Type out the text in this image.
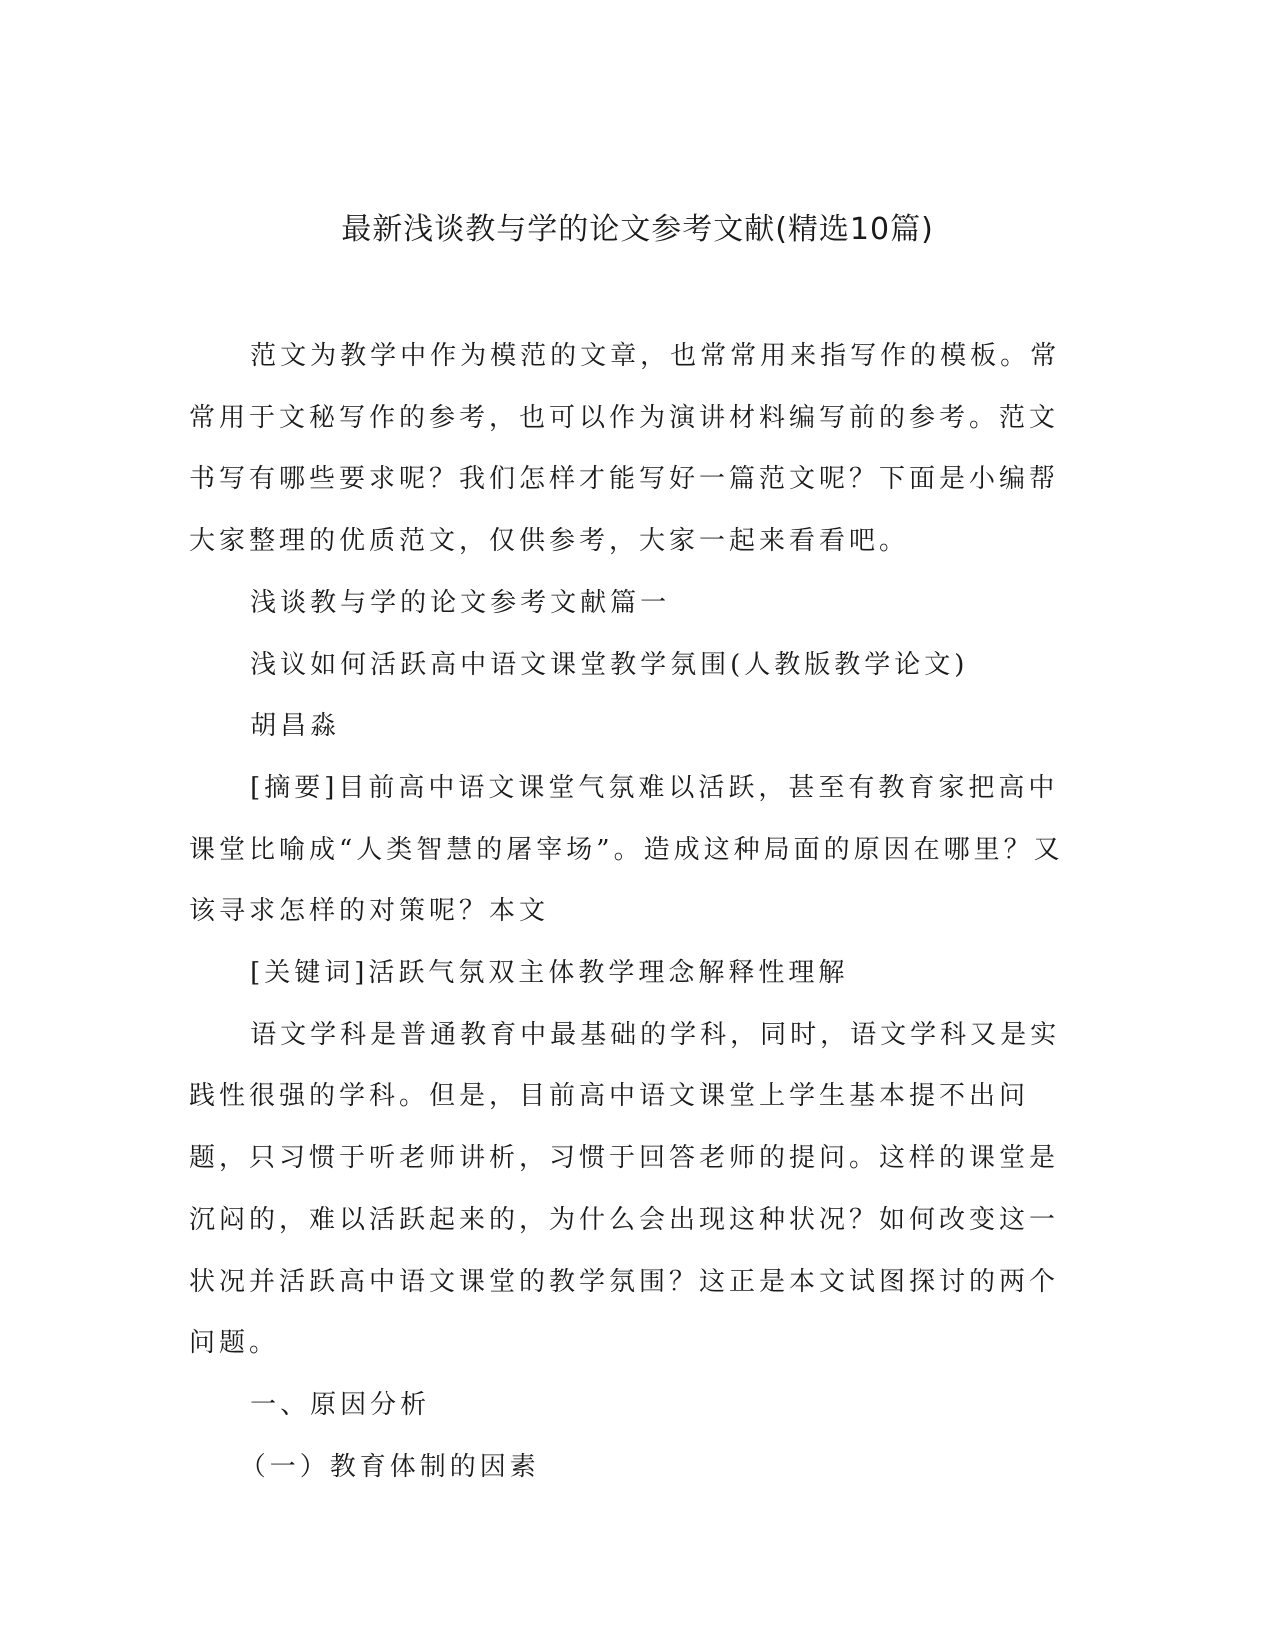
最新浅谈教与学的论文参考文献(精选10篇)

范文为教学中作为模范的文章，也常常用来指写作的模板。常常用于文秘写作的参考，也可以作为演讲材料编写前的参考。范文书写有哪些要求呢？我们怎样才能写好一篇范文呢？下面是小编帮大家整理的优质范文，仅供参考，大家一起来看看吧。

浅谈教与学的论文参考文献篇一

浅议如何活跃高中语文课堂教学氛围(人教版教学论文)

胡昌淼

[摘要]目前高中语文课堂气氛难以活跃，甚至有教育家把高中课堂比喻成“人类智慧的屠宰场”。造成这种局面的原因在哪里？又该寻求怎样的对策呢？本文

[关键词]活跃气氛双主体教学理念解释性理解

语文学科是普通教育中最基础的学科，同时，语文学科又是实践性很强的学科。但是，目前高中语文课堂上学生基本提不出问题，只习惯于听老师讲析，习惯于回答老师的提问。这样的课堂是沉闷的，难以活跃起来的，为什么会出现这种状况？如何改变这一状况并活跃高中语文课堂的教学氛围？这正是本文试图探讨的两个问题。

一、原因分析

（一）教育体制的因素
